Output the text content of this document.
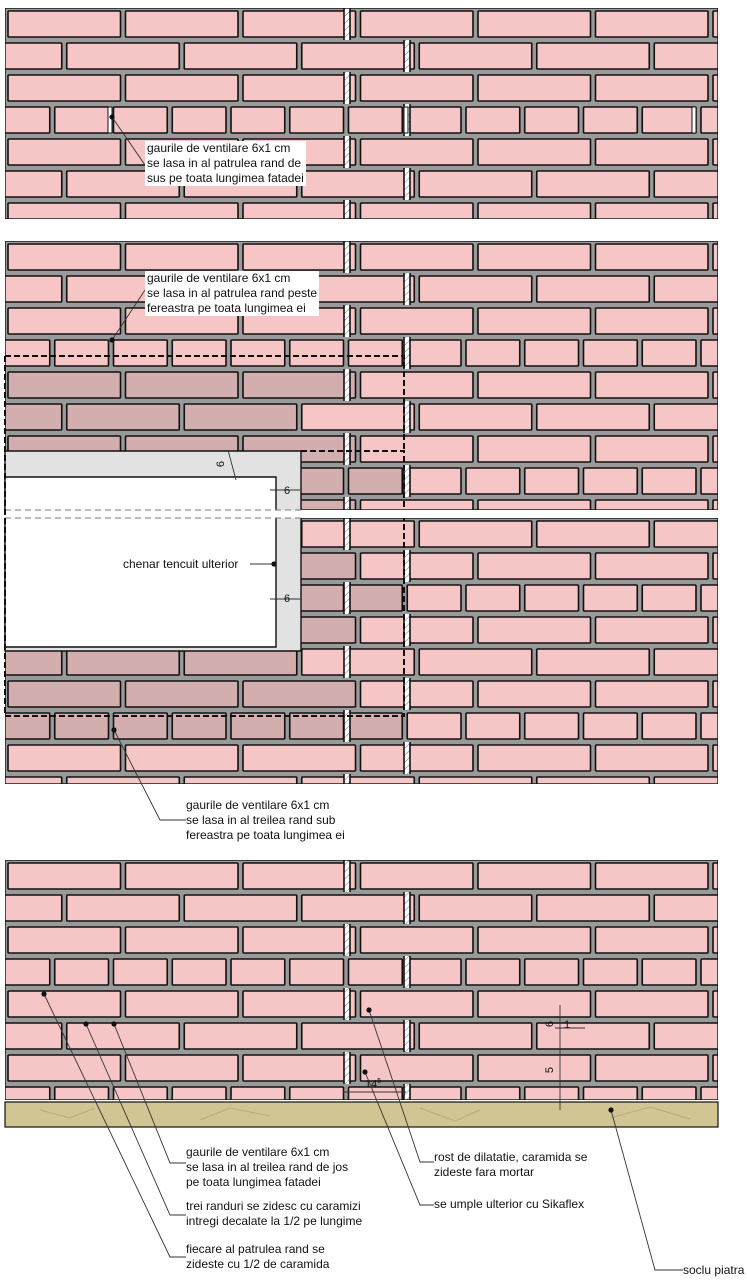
gaurile de ventilare 6x1 cm
se lasa in al patrulea rand de
sus pe toata lungimea fatadei
gaurile de ventilare 6x1 cm
se lasa in al patrulea rand peste
fereastra pe toata lungimea ei
chenar tencuit ulterior
gaurile de ventilare 6x1 cm
se lasa in al treilea rand sub
fereastra pe toata lungimea ei
gaurile de ventilare 6x1 cm
se lasa in al treilea rand de jos
pe toata lungimea fatadei
trei randuri se zidesc cu caramizi
intregi decalate la 1/2 pe lungime
fiecare al patrulea rand se
zideste cu 1/2 de caramida
rost de dilatatie, caramida se
zideste fara mortar
se umple ulterior cu Sikaflex
soclu piatra
6
6
6
1
6
5
$14^5$
